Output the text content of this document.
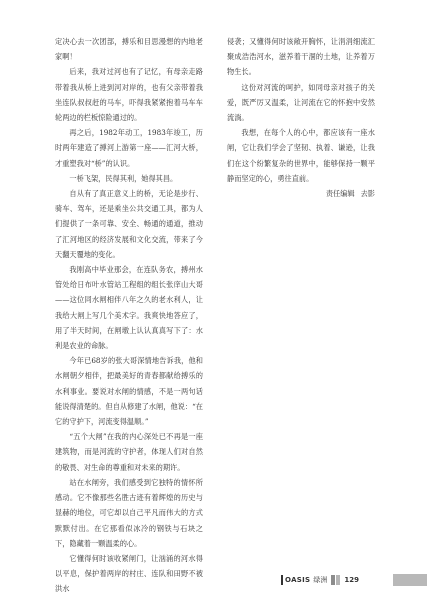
定决心去一次团部，搏乐和目思漫想的内地老家啊！

后来，我对过河也有了记忆，有母亲走路带着我从桥上进到河对岸的，也有父亲带着我坐连队叔叔赶的马车，吓得我紧紧抱着马车车轮两边的栏板惊险通过的。

再之后，1982年动工，1983年竣工，历时两年建造了搏河上游第一座——汇河大桥，才重塑我对“桥”的认识。

一桥飞架，民得其利，她得其昌。

自从有了真正意义上的桥，无论是步行、骑车、驾车，还是乘坐公共交通工具，都为人们提供了一条可靠、安全、畅通的通道，推动了汇河地区的经济发展和文化交流，带来了今天翻天覆地的变化。

我刚高中毕业那会，在连队务农，搏州水管处给日布叶水管站工程组的组长张庠山大哥——这位同水闸相伴八年之久的老水利人，让我给大闸上写几个美术字。我爽快地答应了，用了半天时间，在闸墩上认认真真写下了：水利是农业的命脉。

今年已68岁的张大哥深情地告诉我，他和水闸朝夕相伴，把最美好的青春都献给搏乐的水利事业。要说对水闸的情感，不是一两句话能说得清楚的。但自从修建了水闸，他说：“在它的守护下，河流变得温顺。”

“五个大闸”在我的内心深处已不再是一座建筑物，而是河流的守护者，体现人们对自然的敬畏、对生命的尊重和对未来的期许。

站在水闸旁，我们感受到它独特的情怀所感动。它不像那些名胜古迹有着辉煌的历史与显赫的地位，可它却以自己平凡而伟大的方式默默付出。在它那看似冰冷的钢铁与石块之下，隐藏着一颗温柔的心。

它懂得何时该收紧闸门，让汹涌的河水得以平息，保护着两岸的村庄、连队和田野不被洪水

侵袭；又懂得何时该敞开胸怀，让涓涓细流汇聚成浩浩河水，滋养着干涸的土地，让养着万物生长。

这份对河流的呵护，如同母亲对孩子的关爱，既严厉又温柔，让河流在它的怀抱中安然流淌。

我想，在每个人的心中，都应该有一座水闸，它让我们学会了坚韧、执着、谦逊，让我们在这个纷繁复杂的世界中，能够保持一颗平静而坚定的心，勇往直前。

责任编辑 去影

OASIS 绿洲 129
